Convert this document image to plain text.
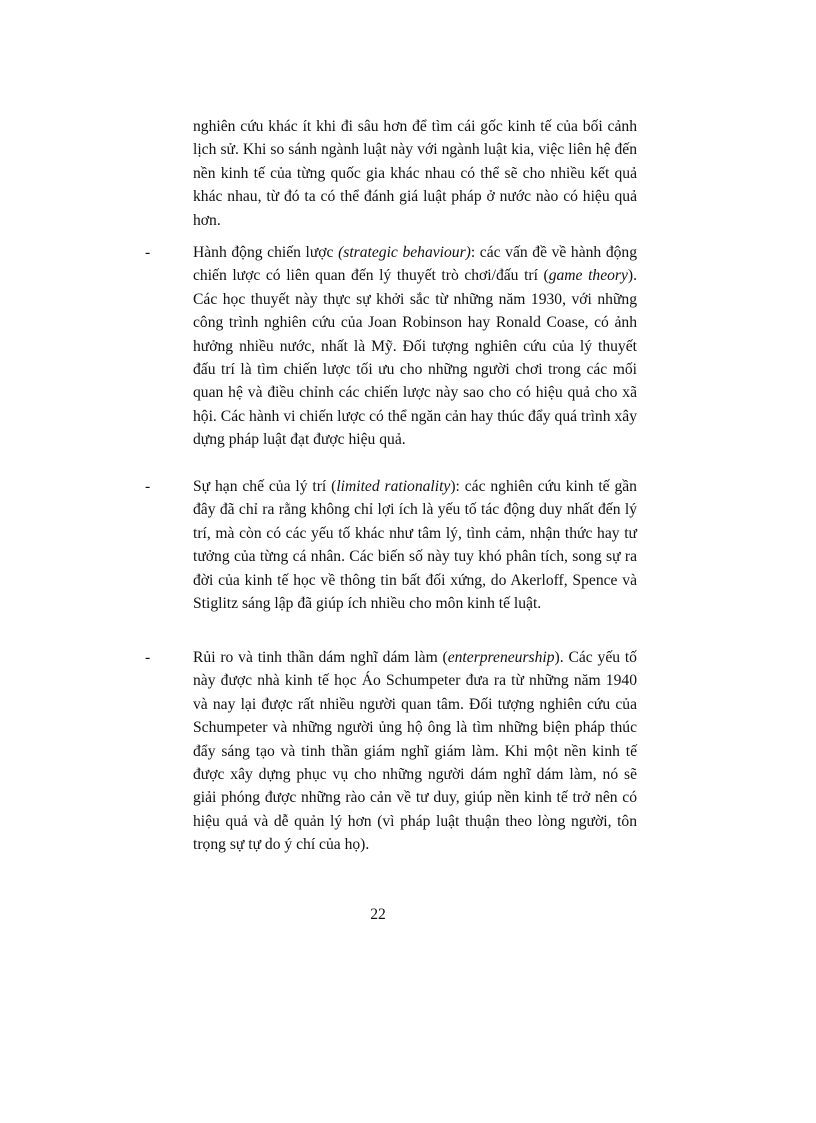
nghiên cứu khác ít khi đi sâu hơn để tìm cái gốc kinh tế của bối cảnh lịch sử. Khi so sánh ngành luật này với ngành luật kia, việc liên hệ đến nền kinh tế của từng quốc gia khác nhau có thể sẽ cho nhiều kết quả khác nhau, từ đó ta có thể đánh giá luật pháp ở nước nào có hiệu quả hơn.

-	Hành động chiến lược (strategic behaviour): các vấn đề về hành động chiến lược có liên quan đến lý thuyết trò chơi/đấu trí (game theory). Các học thuyết này thực sự khởi sắc từ những năm 1930, với những công trình nghiên cứu của Joan Robinson hay Ronald Coase, có ảnh hưởng nhiều nước, nhất là Mỹ. Đối tượng nghiên cứu của lý thuyết đấu trí là tìm chiến lược tối ưu cho những người chơi trong các mối quan hệ và điều chỉnh các chiến lược này sao cho có hiệu quả cho xã hội. Các hành vi chiến lược có thể ngăn cản hay thúc đẩy quá trình xây dựng pháp luật đạt được hiệu quả.

-	Sự hạn chế của lý trí (limited rationality): các nghiên cứu kinh tế gần đây đã chỉ ra rằng không chỉ lợi ích là yếu tố tác động duy nhất đến lý trí, mà còn có các yếu tố khác như tâm lý, tình cảm, nhận thức hay tư tưởng của từng cá nhân. Các biến số này tuy khó phân tích, song sự ra đời của kinh tế học về thông tin bất đối xứng, do Akerloff, Spence và Stiglitz sáng lập đã giúp ích nhiều cho môn kinh tế luật.

-	Rủi ro và tinh thần dám nghĩ dám làm (enterpreneurship). Các yếu tố này được nhà kinh tế học Áo Schumpeter đưa ra từ những năm 1940 và nay lại được rất nhiều người quan tâm. Đối tượng nghiên cứu của Schumpeter và những người ủng hộ ông là tìm những biện pháp thúc đẩy sáng tạo và tinh thần giám nghĩ giám làm. Khi một nền kinh tế được xây dựng phục vụ cho những người dám nghĩ dám làm, nó sẽ giải phóng được những rào cản về tư duy, giúp nền kinh tế trở nên có hiệu quả và dễ quản lý hơn (vì pháp luật thuận theo lòng người, tôn trọng sự tự do ý chí của họ).

22
